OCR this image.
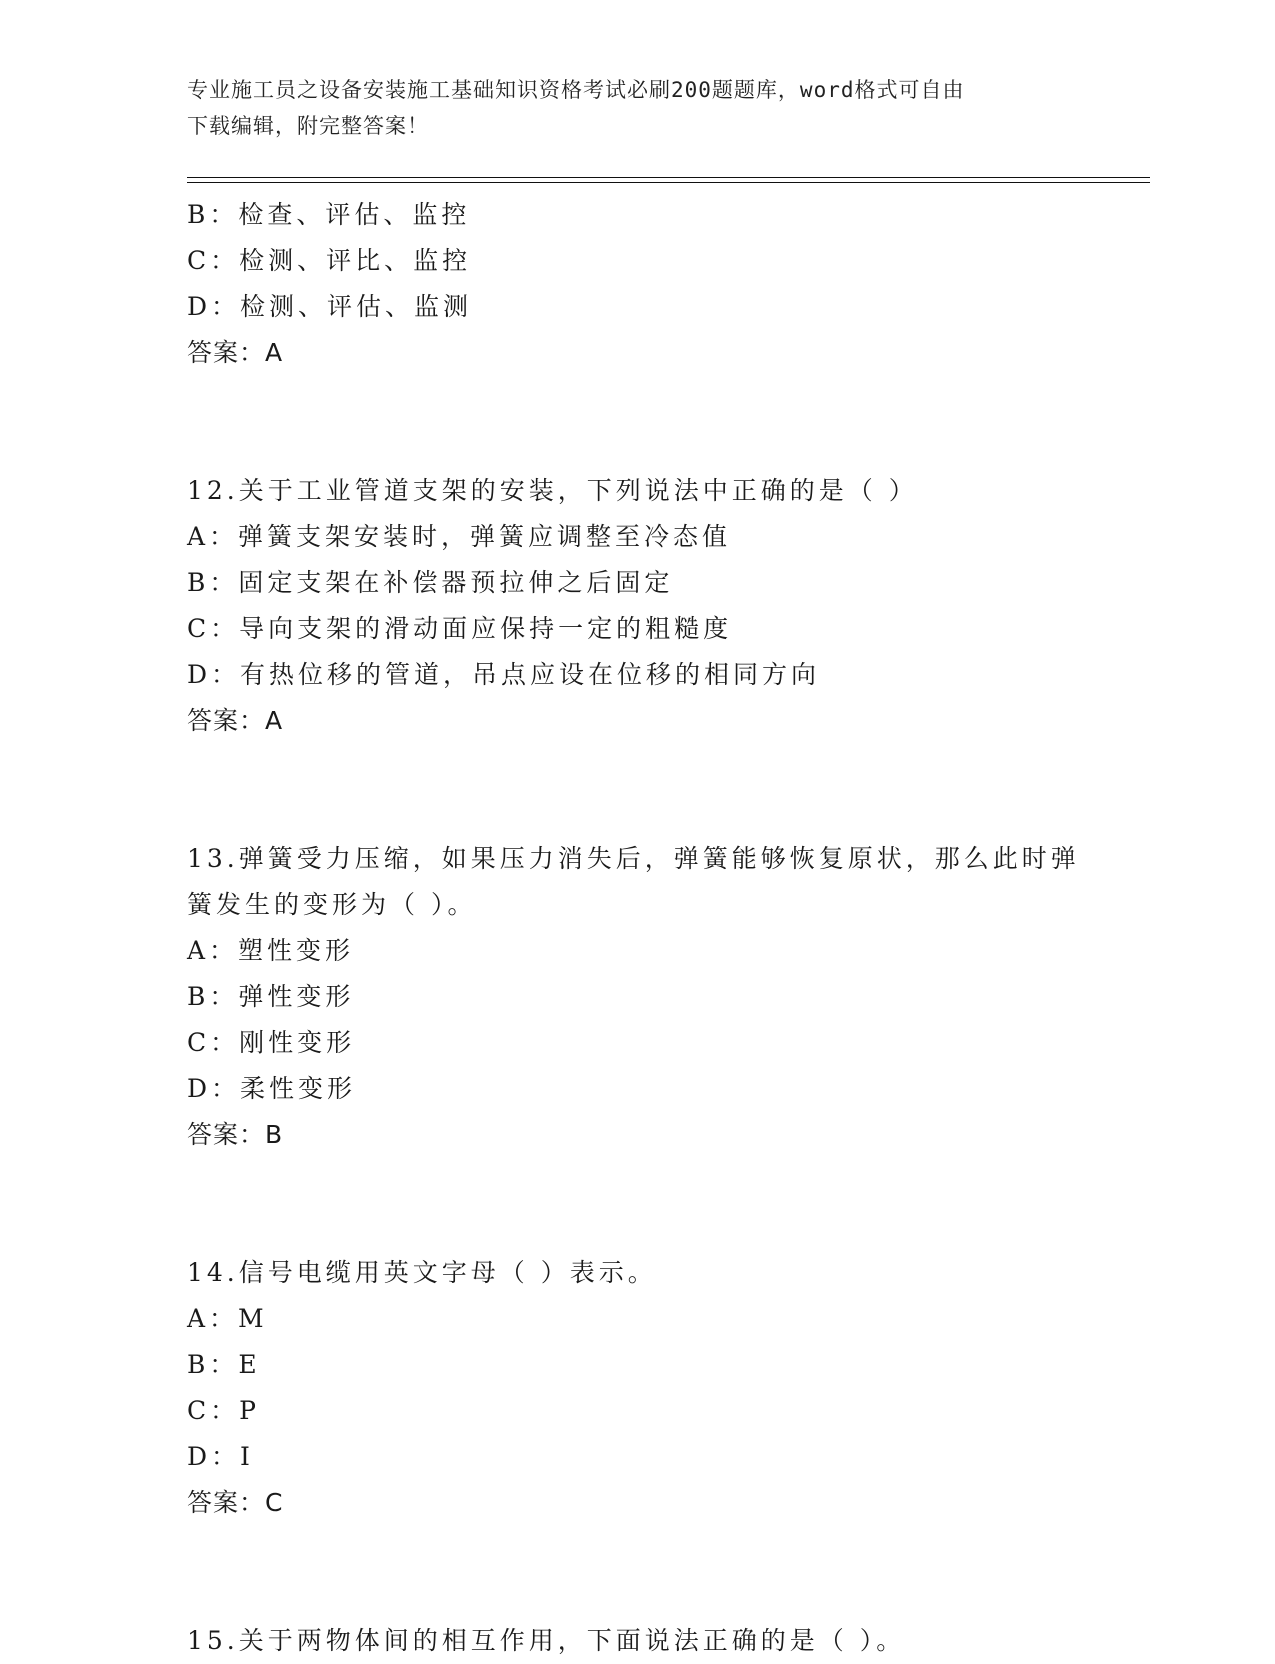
专业施工员之设备安装施工基础知识资格考试必刷200题题库，word格式可自由
下载编辑，附完整答案！
B：检查、评估、监控
C：检测、评比、监控
D：检测、评估、监测
答案：A
12.关于工业管道支架的安装，下列说法中正确的是（ ）
A：弹簧支架安装时，弹簧应调整至冷态值
B：固定支架在补偿器预拉伸之后固定
C：导向支架的滑动面应保持一定的粗糙度
D：有热位移的管道，吊点应设在位移的相同方向
答案：A
13.弹簧受力压缩，如果压力消失后，弹簧能够恢复原状，那么此时弹
簧发生的变形为（ ）。
A：塑性变形
B：弹性变形
C：刚性变形
D：柔性变形
答案：B
14.信号电缆用英文字母（ ）表示。
A：M
B：E
C：P
D：I
答案：C
15.关于两物体间的相互作用，下面说法正确的是（ ）。
